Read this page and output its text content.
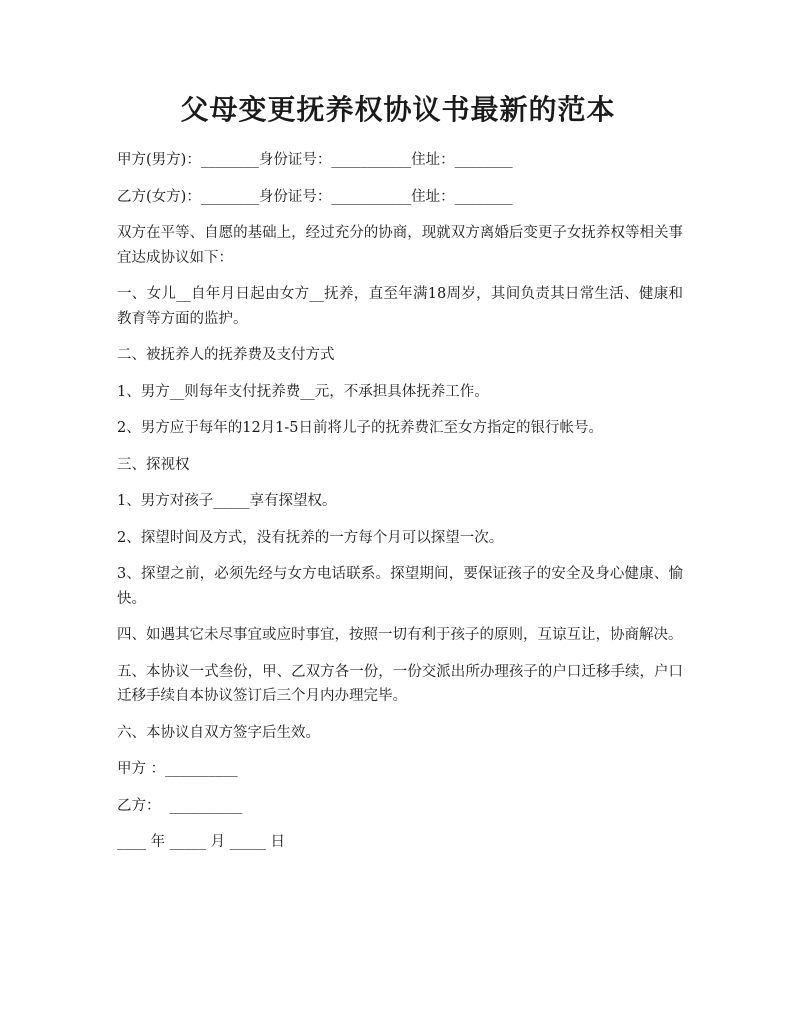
父母变更抚养权协议书最新的范本

甲方(男方)：________身份证号：___________住址：________

乙方(女方)：________身份证号：___________住址：________

双方在平等、自愿的基础上，经过充分的协商，现就双方离婚后变更子女抚养权等相关事宜达成协议如下：

一、女儿__自年月日起由女方__抚养，直至年满18周岁，其间负责其日常生活、健康和教育等方面的监护。

二、被抚养人的抚养费及支付方式

1、男方__则每年支付抚养费__元，不承担具体抚养工作。

2、男方应于每年的12月1-5日前将儿子的抚养费汇至女方指定的银行帐号。

三、探视权

1、男方对孩子_____享有探望权。

2、探望时间及方式，没有抚养的一方每个月可以探望一次。

3、探望之前，必须先经与女方电话联系。探望期间，要保证孩子的安全及身心健康、愉快。

四、如遇其它未尽事宜或应时事宜，按照一切有利于孩子的原则，互谅互让，协商解决。

五、本协议一式叁份，甲、乙双方各一份，一份交派出所办理孩子的户口迁移手续，户口迁移手续自本协议签订后三个月内办理完毕。

六、本协议自双方签字后生效。

甲方 ：__________

乙方：  __________

____ 年 _____ 月 _____ 日
